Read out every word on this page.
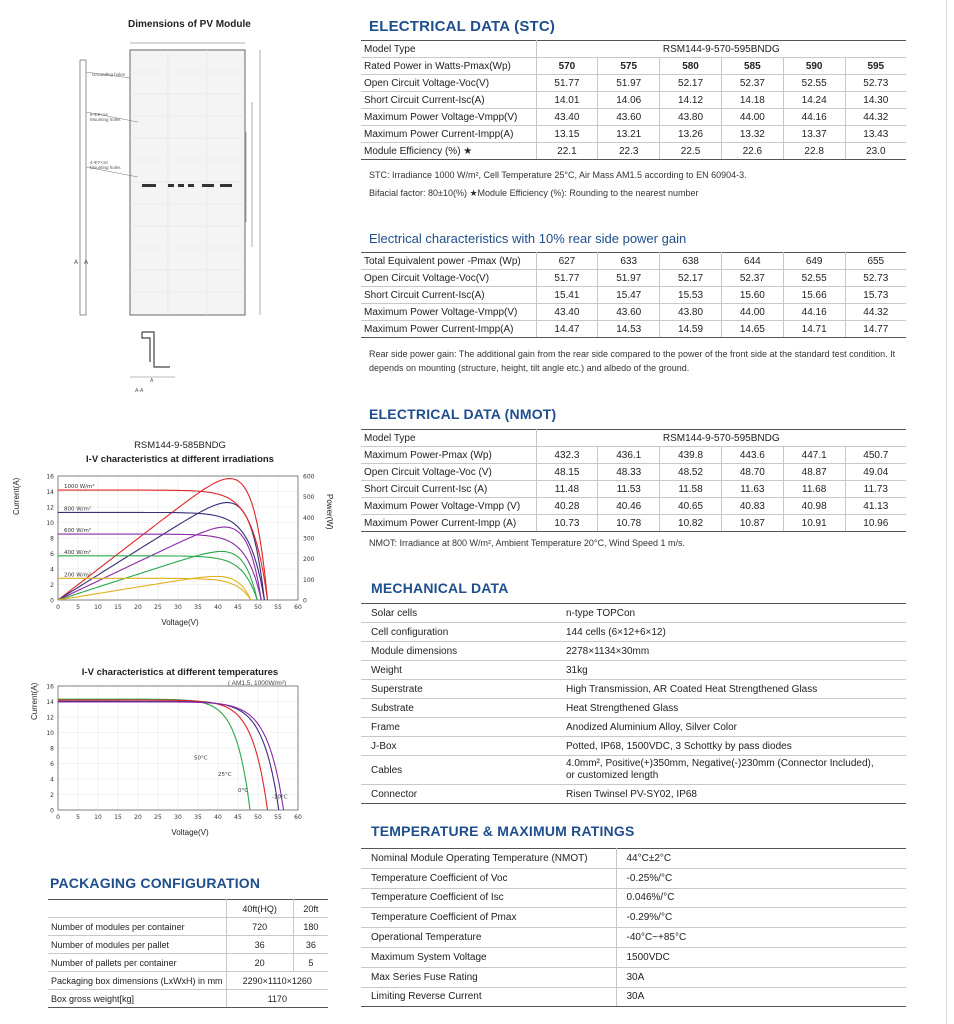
Dimensions of PV Module
A A
Grounding holes
8-Φ9×14 Mounting holes
4-Φ7×10 Mounting holes
A-A
A
RSM144-9-585BNDG
I-V characteristics at different irradiations
0
2
4
6
8
10
12
14
16
0	5 10 15 20 25 30 35 40 45 50 55 60
0
100
200
300
400
500
600
1000 W/m²
800 W/m²
600 W/m²
400 W/m²
200 W/m²
Current(A)	Power(W)
Voltage(V)
I-V characteristics at different temperatures
( AM1.5, 1000W/m²)
0
2
4
6
8
10
12
14
16
0	5 10 15 20 25 30 35 40 45 50 55 60
50°C
25°C
0°C
-10°C
Current(A)
Voltage(V)
PACKAGING CONFIGURATION
	40ft(HQ)	20ft
Number of modules per container	720	180
Number of modules per pallet	36	36
Number of pallets per container	20	5
Packaging box dimensions (LxWxH) in mm	2290×1110×1260	
Box gross weight[kg]	1170	
ELECTRICAL DATA (STC)
Model Type	RSM144-9-570-595BNDG					
Rated Power in Watts-Pmax(Wp)	570	575	580	585	590	595
Open Circuit Voltage-Voc(V)	51.77	51.97	52.17	52.37	52.55	52.73
Short Circuit Current-Isc(A)	14.01	14.06	14.12	14.18	14.24	14.30
Maximum Power Voltage-Vmpp(V)	43.40	43.60	43.80	44.00	44.16	44.32
Maximum Power Current-Impp(A)	13.15	13.21	13.26	13.32	13.37	13.43
Module Efficiency (%) ★	22.1	22.3	22.5	22.6	22.8	23.0
STC: Irradiance 1000 W/m², Cell Temperature 25°C, Air Mass AM1.5 according to EN 60904-3.
Bifacial factor: 80±10(%) ★Module Efficiency (%): Rounding to the nearest number
Electrical characteristics with 10% rear side power gain
Total Equivalent power -Pmax (Wp)	627	633	638	644	649	655
Open Circuit Voltage-Voc(V)	51.77	51.97	52.17	52.37	52.55	52.73
Short Circuit Current-Isc(A)	15.41	15.47	15.53	15.60	15.66	15.73
Maximum Power Voltage-Vmpp(V)	43.40	43.60	43.80	44.00	44.16	44.32
Maximum Power Current-Impp(A)	14.47	14.53	14.59	14.65	14.71	14.77
Rear side power gain: The additional gain from the rear side compared to the power of the front side at the standard test condition. It depends on mounting (structure, height, tilt angle etc.) and albedo of the ground.
ELECTRICAL DATA (NMOT)
Model Type	RSM144-9-570-595BNDG					
Maximum Power-Pmax (Wp)	432.3	436.1	439.8	443.6	447.1	450.7
Open Circuit Voltage-Voc (V)	48.15	48.33	48.52	48.70	48.87	49.04
Short Circuit Current-Isc (A)	11.48	11.53	11.58	11.63	11.68	11.73
Maximum Power Voltage-Vmpp (V)	40.28	40.46	40.65	40.83	40.98	41.13
Maximum Power Current-Impp (A)	10.73	10.78	10.82	10.87	10.91	10.96
NMOT: Irradiance at 800 W/m², Ambient Temperature 20°C, Wind Speed 1 m/s.
MECHANICAL DATA
Solar cells	n-type TOPCon
Cell configuration	144 cells (6×12+6×12)
Module dimensions	2278×1134×30mm
Weight	31kg
Superstrate	High Transmission, AR Coated Heat Strengthened Glass
Substrate	Heat Strengthened Glass
Frame	Anodized Aluminium Alloy, Silver Color
J-Box	Potted, IP68, 1500VDC, 3 Schottky by pass diodes
Cables	4.0mm², Positive(+)350mm, Negative(-)230mm (Connector Included),
or customized length
Connector	Risen Twinsel PV-SY02, IP68
TEMPERATURE & MAXIMUM RATINGS
Nominal Module Operating Temperature (NMOT)	44°C±2°C
Temperature Coefficient of Voc	-0.25%/°C
Temperature Coefficient of Isc	0.046%/°C
Temperature Coefficient of Pmax	-0.29%/°C
Operational Temperature	-40°C~+85°C
Maximum System Voltage	1500VDC
Max Series Fuse Rating	30A
Limiting Reverse Current	30A
